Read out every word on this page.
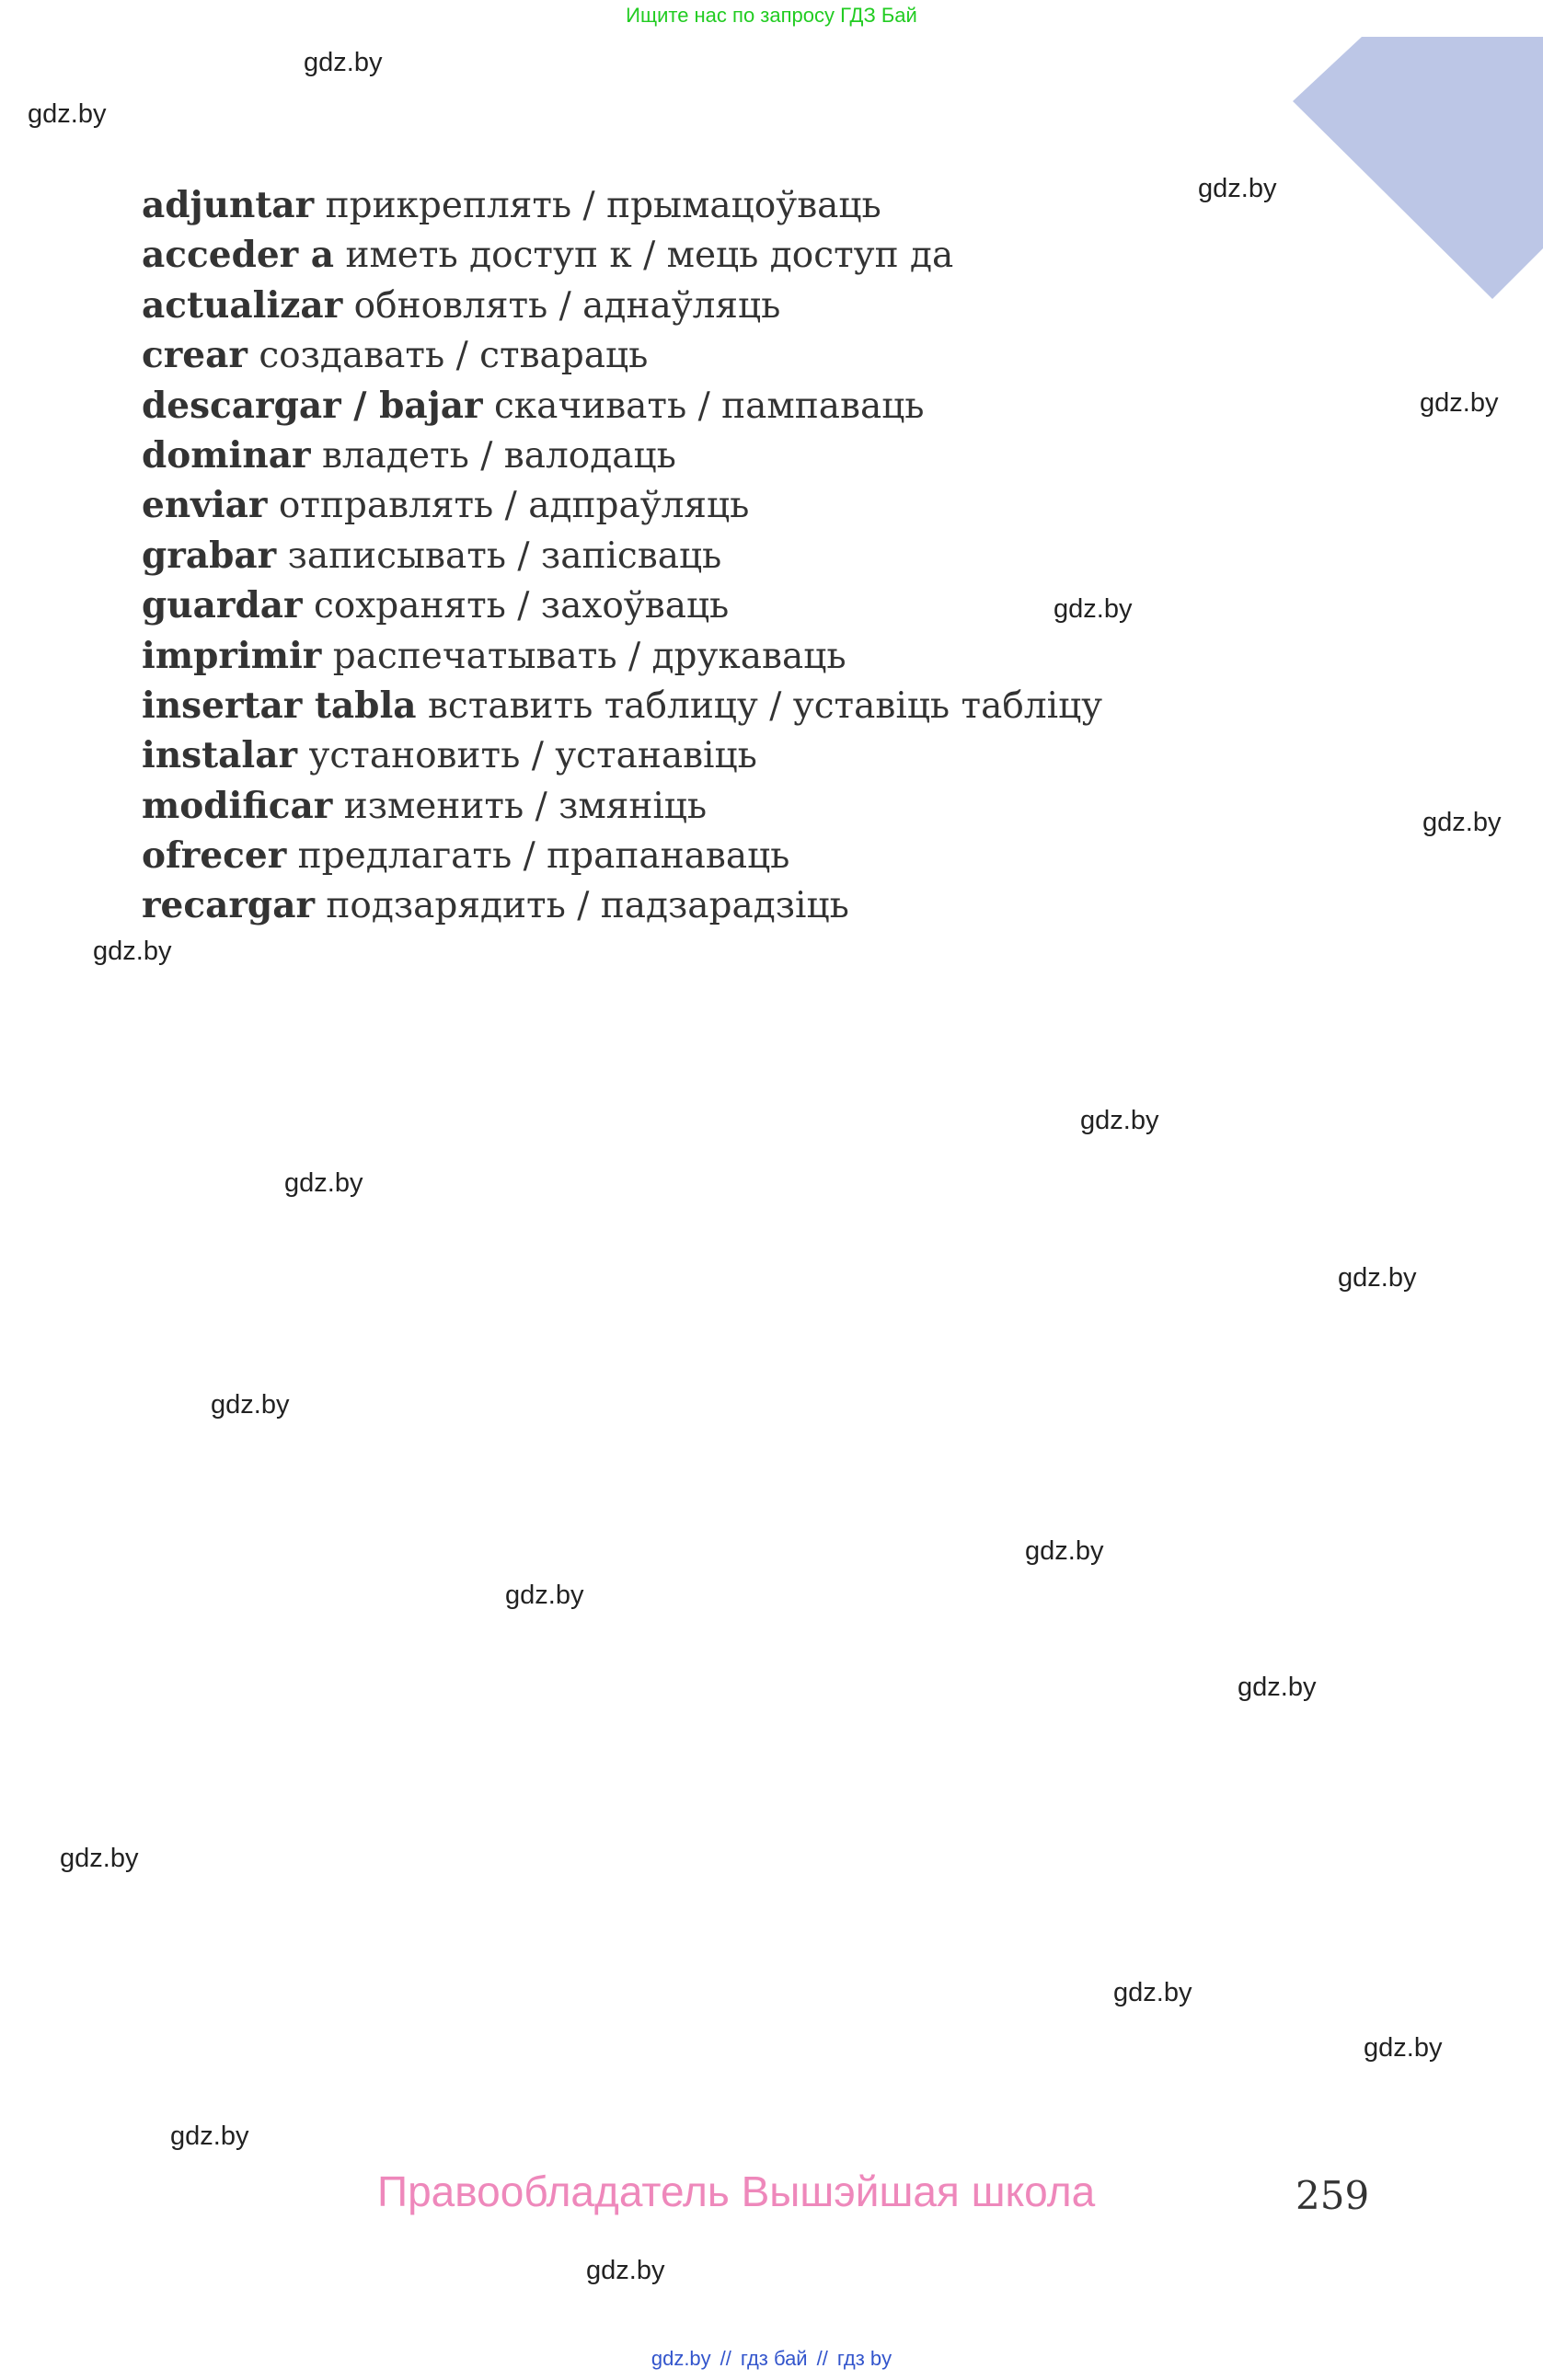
Ищите нас по запросу ГДЗ Бай
adjuntar прикреплять / прымацоўваць
acceder a иметь доступ к / мець доступ да
actualizar обновлять / аднаўляць
crear создавать / ствараць
descargar / bajar скачивать / пампаваць
dominar владеть / валодаць
enviar отправлять / адпраўляць
grabar записывать / запісваць
guardar сохранять / захоўваць
imprimir распечатывать / друкаваць
insertar tabla вставить таблицу / уставіць табліцу
instalar установить / устанавіць
modificar изменить / змяніць
ofrecer предлагать / прапанаваць
recargar подзарядить / падзарадзіць
gdz.by
gdz.by
gdz.by
gdz.by
gdz.by
gdz.by
gdz.by
gdz.by
gdz.by
gdz.by
gdz.by
gdz.by
gdz.by
gdz.by
gdz.by
gdz.by
gdz.by
gdz.by
gdz.by
Правообладатель Вышэйшая школа	259
gdz.by // гдз бай // гдз by
